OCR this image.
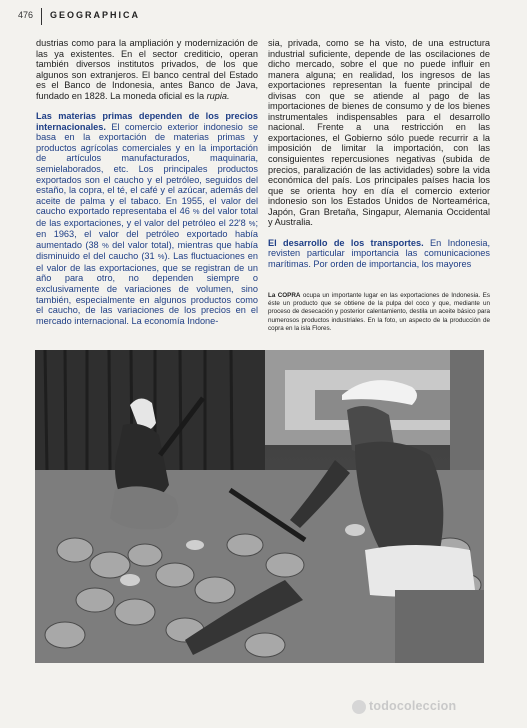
476 GEOGRAPHICA

dustrias como para la ampliación y modernización de las ya existentes. En el sector crediticio, operan también diversos institutos privados, de los que algunos son extranjeros. El banco central del Estado es el Banco de Indonesia, antes Banco de Java, fundado en 1828. La moneda oficial es la rupia.

Las materias primas dependen de los precios internacionales. El comercio exterior indonesio se basa en la exportación de materias primas y productos agrícolas comerciales y en la importación de artículos manufacturados, maquinaria, semielaborados, etc. Los principales productos exportados son el caucho y el petróleo, seguidos del estaño, la copra, el té, el café y el azúcar, además del aceite de palma y el tabaco. En 1955, el valor del caucho exportado representaba el 46 % del valor total de las exportaciones, y el valor del petróleo el 22'8 %; en 1963, el valor del petróleo exportado había aumentado (38 % del valor total), mientras que había disminuido el del caucho (31 %). Las fluctuaciones en el valor de las exportaciones, que se registran de un año para otro, no dependen siempre o exclusivamente de variaciones de volumen, sino también, especialmente en algunos productos como el caucho, de las variaciones de los precios en el mercado internacional. La economía Indone-

sia, privada, como se ha visto, de una estructura industrial suficiente, depende de las oscilaciones de dicho mercado, sobre el que no puede influir en manera alguna; en realidad, los ingresos de las exportaciones representan la fuente principal de divisas con que se atiende al pago de las importaciones de bienes de consumo y de los bienes instrumentales indispensables para el desarrollo nacional. Frente a una restricción en las exportaciones, el Gobierno sólo puede recurrir a la imposición de limitar la importación, con las consiguientes repercusiones negativas (subida de precios, paralización de las actividades) sobre la vida económica del país. Los principales países hacia los que se orienta hoy en día el comercio exterior indonesio son los Estados Unidos de Norteamérica, Japón, Gran Bretaña, Singapur, Alemania Occidental y Australia.

El desarrollo de los transportes. En Indonesia, revisten particular importancia las comunicaciones marítimas. Por orden de importancia, los mayores

La COPRA ocupa un importante lugar en las exportaciones de Indonesia. Es éste un producto que se obtiene de la pulpa del coco y que, mediante un proceso de desecación y posterior calentamiento, destila un aceite básico para numerosos productos industriales. En la foto, un aspecto de la producción de copra en la isla Flores.
todocoleccion
